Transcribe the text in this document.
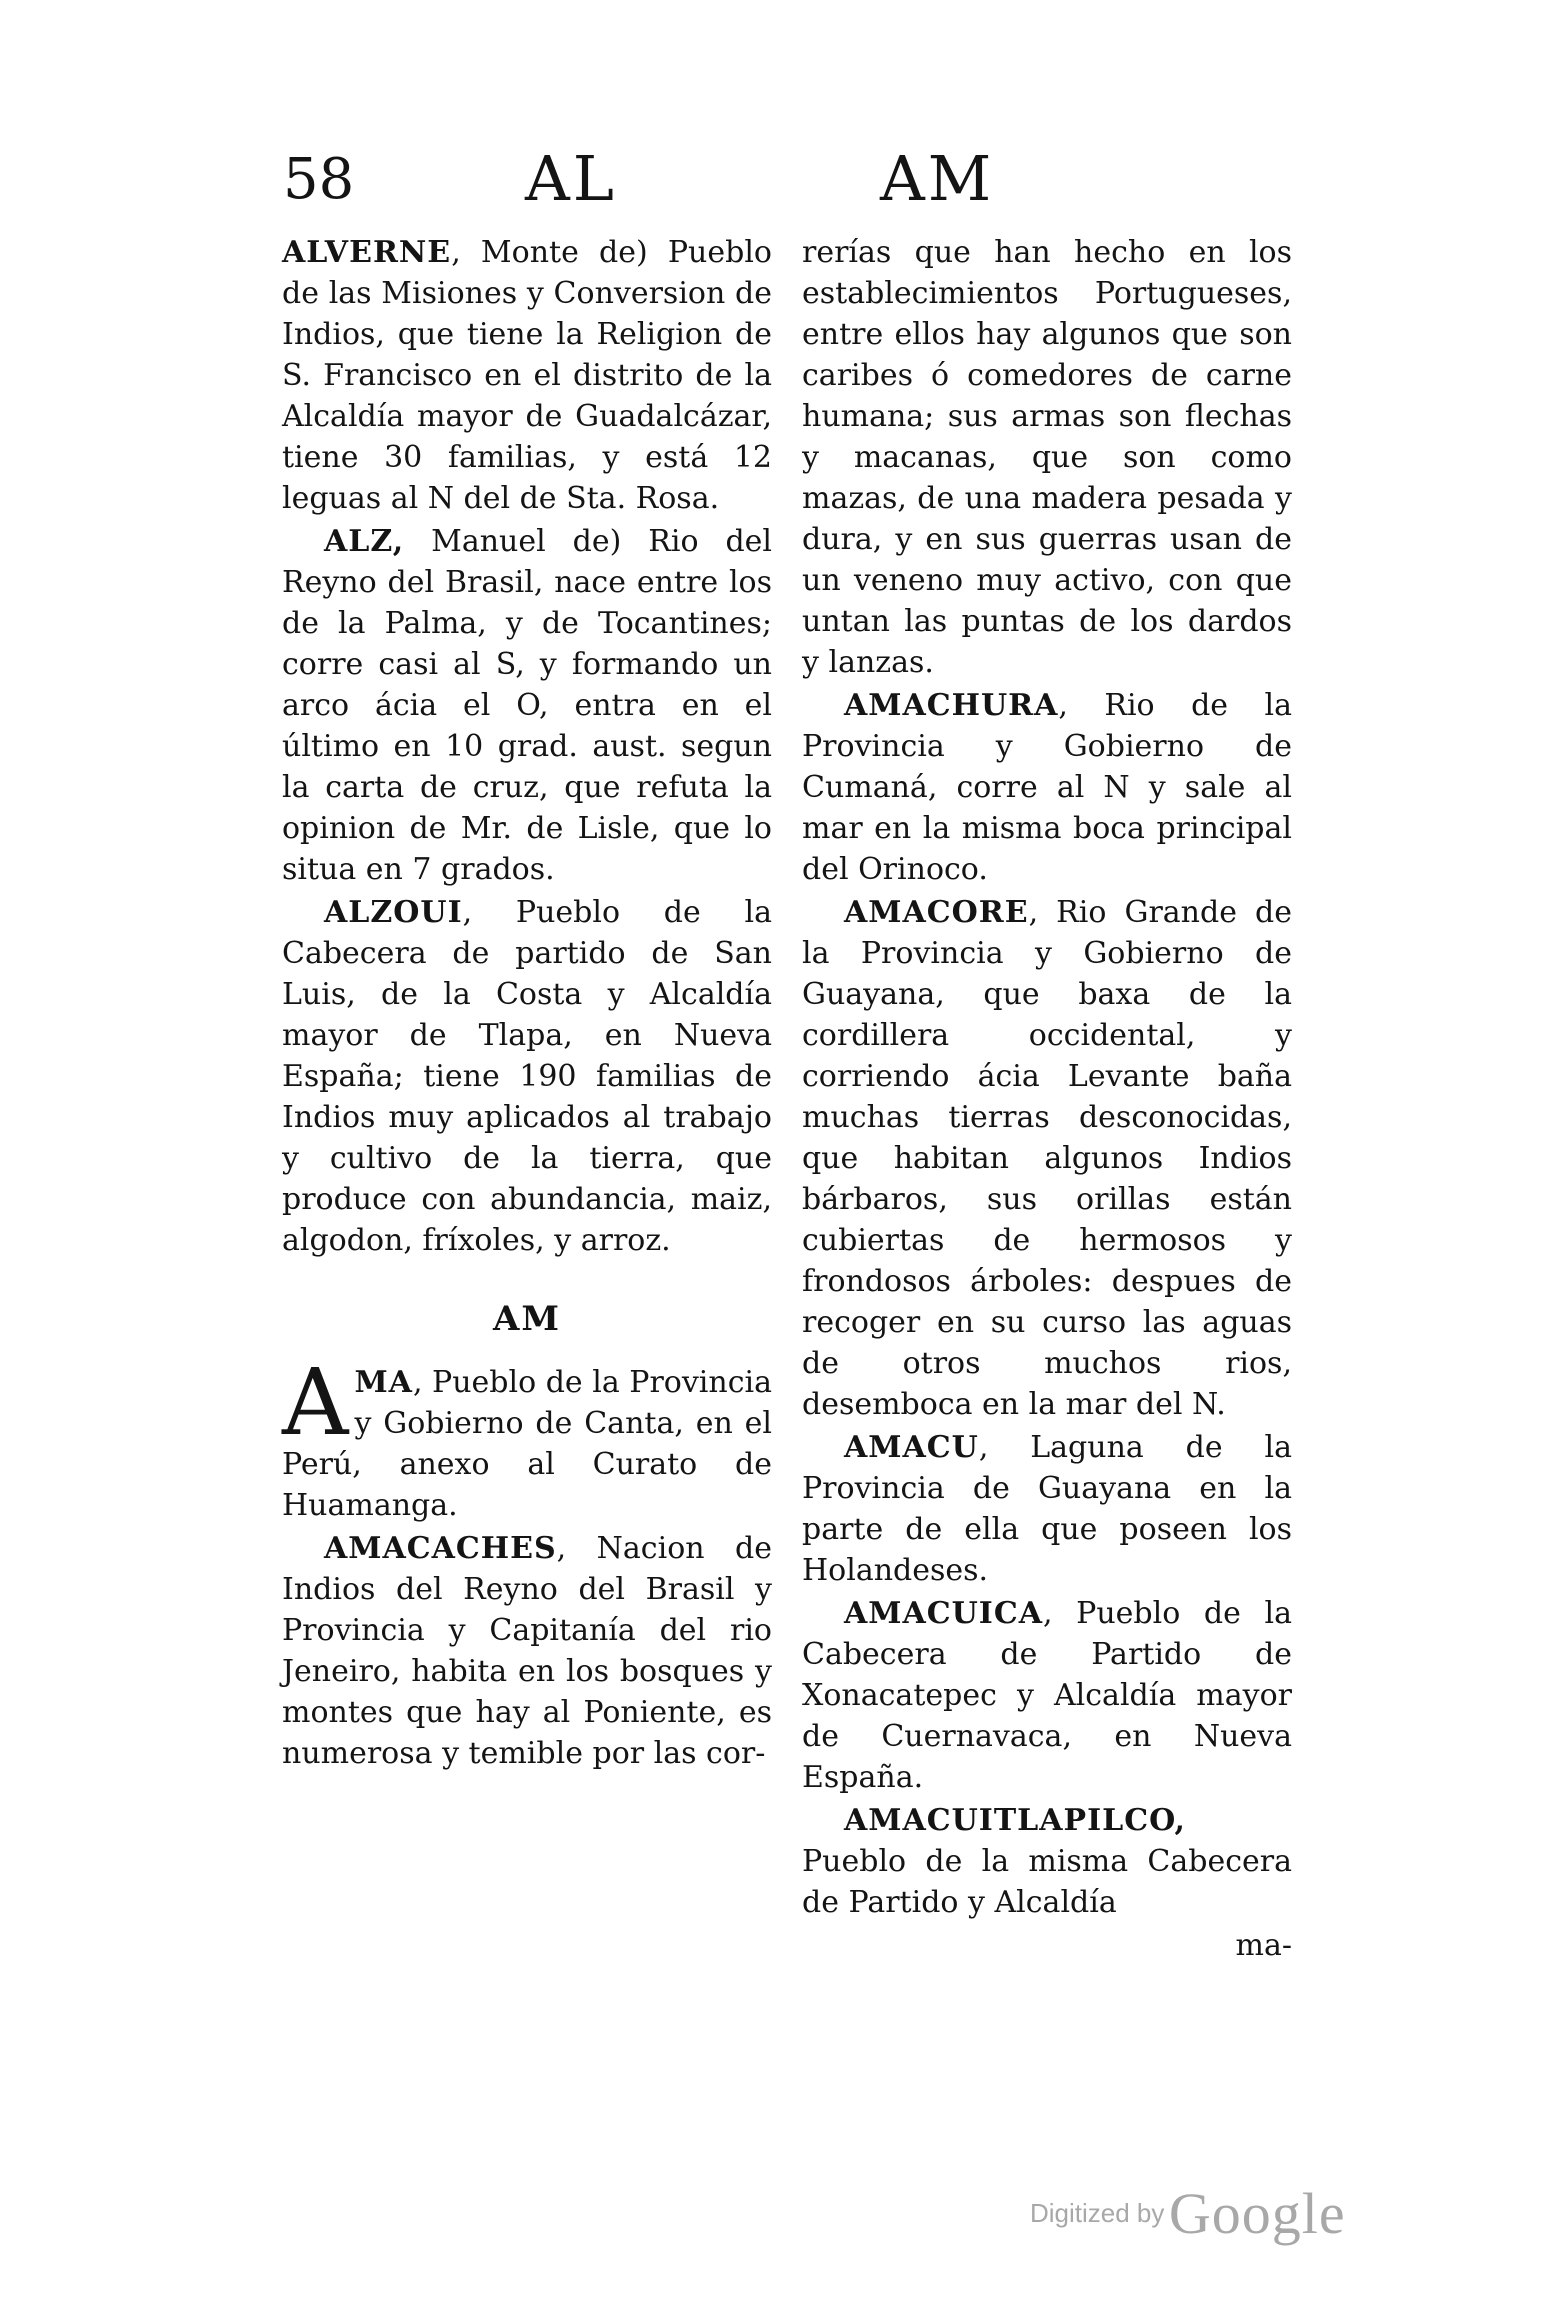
58	AL	AM

ALVERNE, Monte de) Pueblo de las Misiones y Conversion de Indios, que tiene la Religion de S. Francisco en el distrito de la Alcaldía mayor de Guadalcázar, tiene 30 familias, y está 12 leguas al N del de Sta. Rosa.

ALZ, Manuel de) Rio del Reyno del Brasil, nace entre los de la Palma, y de Tocantines; corre casi al S, y formando un arco ácia el O, entra en el último en 10 grad. aust. segun la carta de cruz, que refuta la opinion de Mr. de Lisle, que lo situa en 7 grados.

ALZOUI, Pueblo de la Cabecera de partido de San Luis, de la Costa y Alcaldía mayor de Tlapa, en Nueva España; tiene 190 familias de Indios muy aplicados al trabajo y cultivo de la tierra, que produce con abundancia, maiz, algodon, fríxoles, y arroz.

AM

AMA, Pueblo de la Provincia y Gobierno de Canta, en el Perú, anexo al Curato de Huamanga.

AMACACHES, Nacion de Indios del Reyno del Brasil y Provincia y Capitanía del rio Jeneiro, habita en los bosques y montes que hay al Poniente, es numerosa y temible por las cor-

rerías que han hecho en los establecimientos Portugueses, entre ellos hay algunos que son caribes ó comedores de carne humana; sus armas son flechas y macanas, que son como mazas, de una madera pesada y dura, y en sus guerras usan de un veneno muy activo, con que untan las puntas de los dardos y lanzas.

AMACHURA, Rio de la Provincia y Gobierno de Cumaná, corre al N y sale al mar en la misma boca principal del Orinoco.

AMACORE, Rio Grande de la Provincia y Gobierno de Guayana, que baxa de la cordillera occidental, y corriendo ácia Levante baña muchas tierras desconocidas, que habitan algunos Indios bárbaros, sus orillas están cubiertas de hermosos y frondosos árboles: despues de recoger en su curso las aguas de otros muchos rios, desemboca en la mar del N.

AMACU, Laguna de la Provincia de Guayana en la parte de ella que poseen los Holandeses.

AMACUICA, Pueblo de la Cabecera de Partido de Xonacatepec y Alcaldía mayor de Cuernavaca, en Nueva España.

AMACUITLAPILCO, Pueblo de la misma Cabecera de Partido y Alcaldía

ma-

Digitized by Google
